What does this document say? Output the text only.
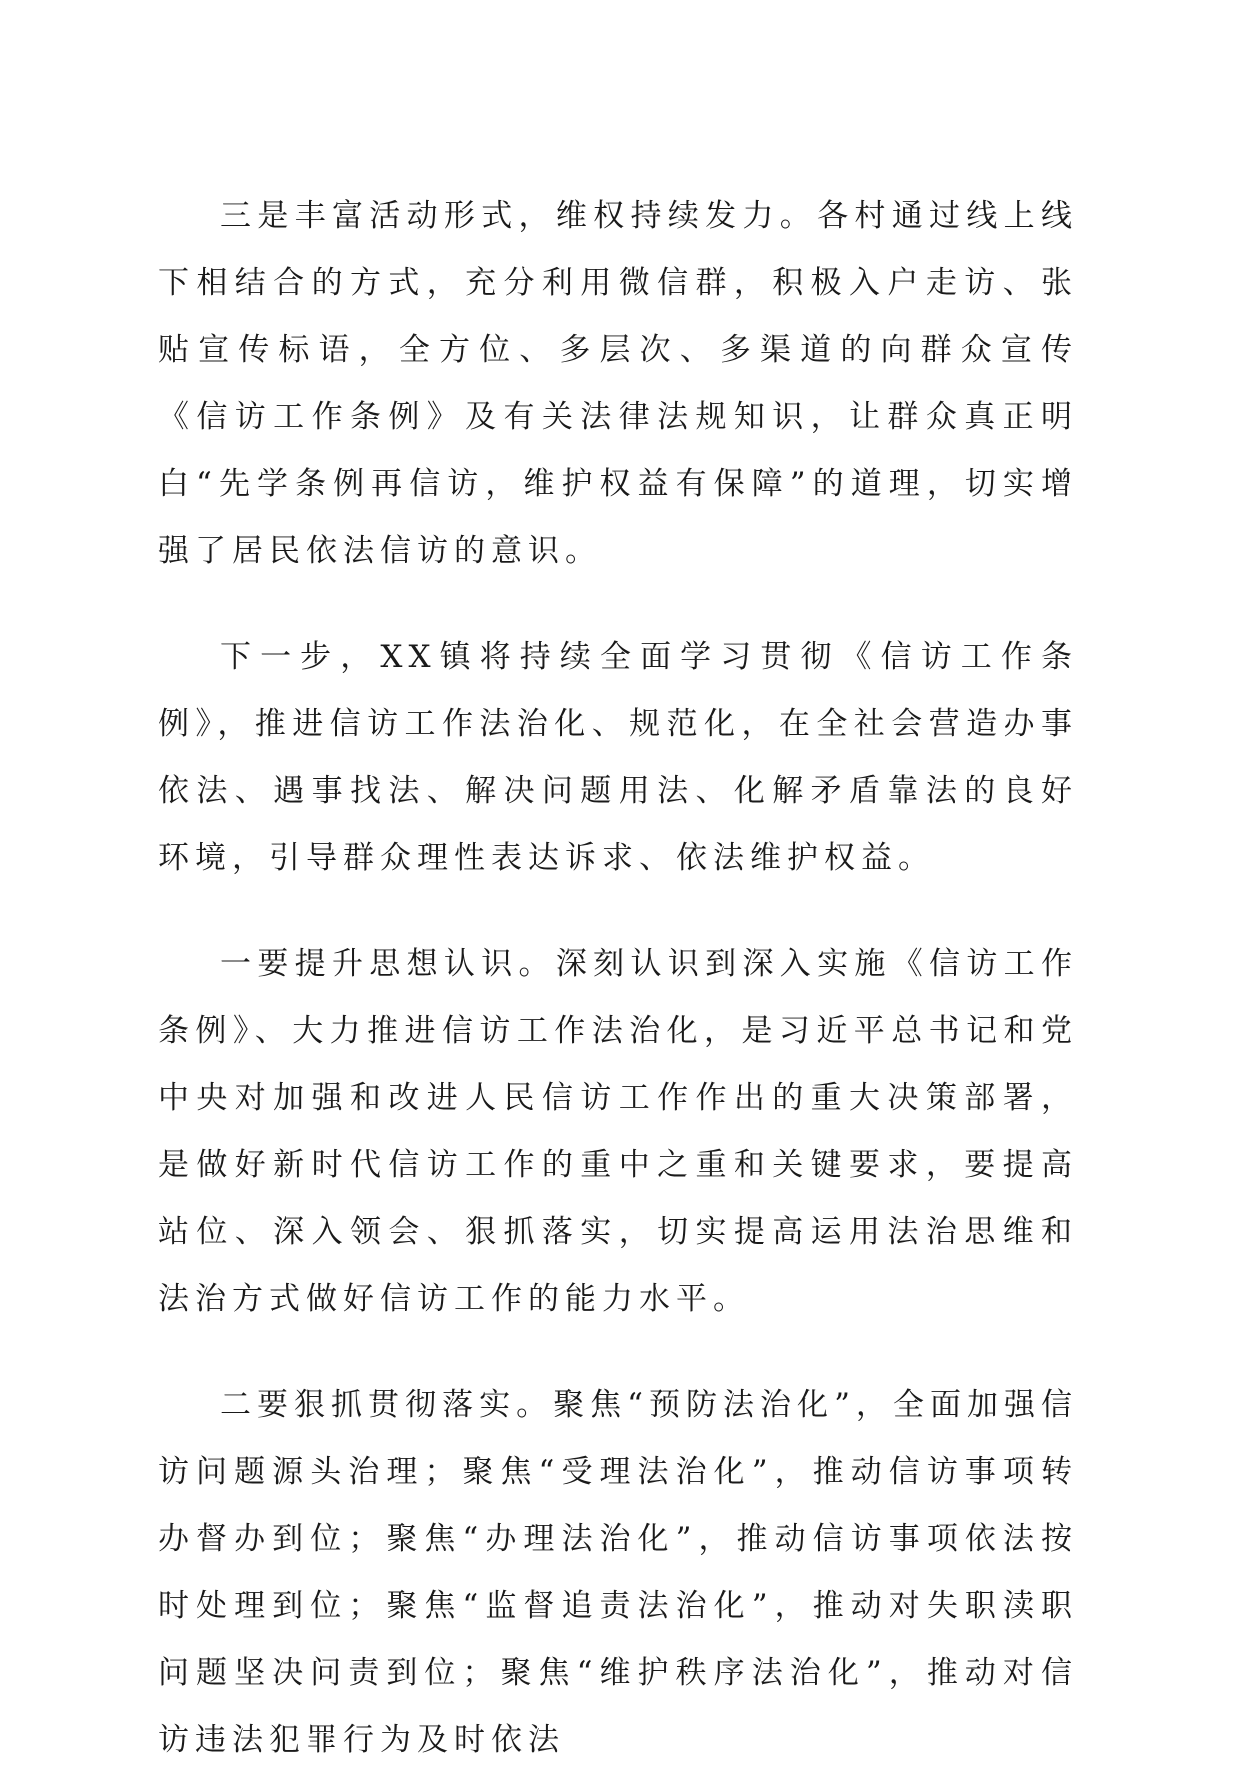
三是丰富活动形式，维权持续发力。各村通过线上线下相结合的方式，充分利用微信群，积极入户走访、张贴宣传标语，全方位、多层次、多渠道的向群众宣传《信访工作条例》及有关法律法规知识，让群众真正明白“先学条例再信访，维护权益有保障”的道理，切实增强了居民依法信访的意识。

下一步，XX镇将持续全面学习贯彻《信访工作条例》，推进信访工作法治化、规范化，在全社会营造办事依法、遇事找法、解决问题用法、化解矛盾靠法的良好环境，引导群众理性表达诉求、依法维护权益。

一要提升思想认识。深刻认识到深入实施《信访工作条例》、大力推进信访工作法治化，是习近平总书记和党中央对加强和改进人民信访工作作出的重大决策部署，是做好新时代信访工作的重中之重和关键要求，要提高站位、深入领会、狠抓落实，切实提高运用法治思维和法治方式做好信访工作的能力水平。

二要狠抓贯彻落实。聚焦“预防法治化”，全面加强信访问题源头治理；聚焦“受理法治化”，推动信访事项转办督办到位；聚焦“办理法治化”，推动信访事项依法按时处理到位；聚焦“监督追责法治化”，推动对失职渎职问题坚决问责到位；聚焦“维护秩序法治化”，推动对信访违法犯罪行为及时依法
